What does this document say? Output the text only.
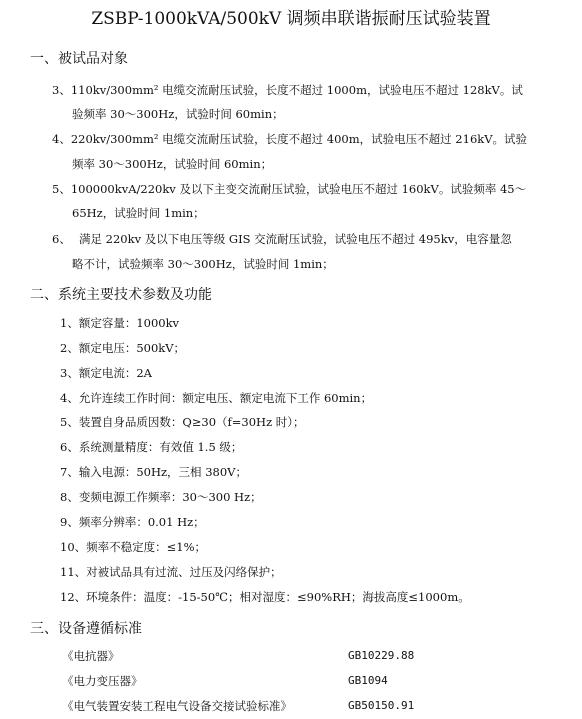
ZSBP-1000kVA/500kV 调频串联谐振耐压试验装置
一、被试品对象
3、110kv/300mm² 电缆交流耐压试验，长度不超过 1000m，试验电压不超过 128kV。试
验频率 30～300Hz，试验时间 60min；
4、220kv/300mm² 电缆交流耐压试验，长度不超过 400m，试验电压不超过 216kV。试验
频率 30～300Hz，试验时间 60min；
5、100000kvA/220kv 及以下主变交流耐压试验，试验电压不超过 160kV。试验频率 45～
65Hz，试验时间 1min；
6、 满足 220kv 及以下电压等级 GIS 交流耐压试验，试验电压不超过 495kv，电容量忽
略不计，试验频率 30～300Hz，试验时间 1min；
二、系统主要技术参数及功能
1、额定容量：1000kv
2、额定电压：500kV；
3、额定电流：2A
4、允许连续工作时间：额定电压、额定电流下工作 60min；
5、装置自身品质因数：Q≥30（f=30Hz 时）；
6、系统测量精度：有效值 1.5 级；
7、输入电源：50Hz，三相 380V；
8、变频电源工作频率：30～300 Hz；
9、频率分辨率：0.01 Hz；
10、频率不稳定度：≤1%；
11、对被试品具有过流、过压及闪络保护；
12、环境条件：温度：-15-50℃；相对湿度：≤90%RH；海拔高度≤1000m。
三、设备遵循标准
《电抗器》	GB10229.88
《电力变压器》	GB1094
《电气装置安装工程电气设备交接试验标准》	GB50150.91
